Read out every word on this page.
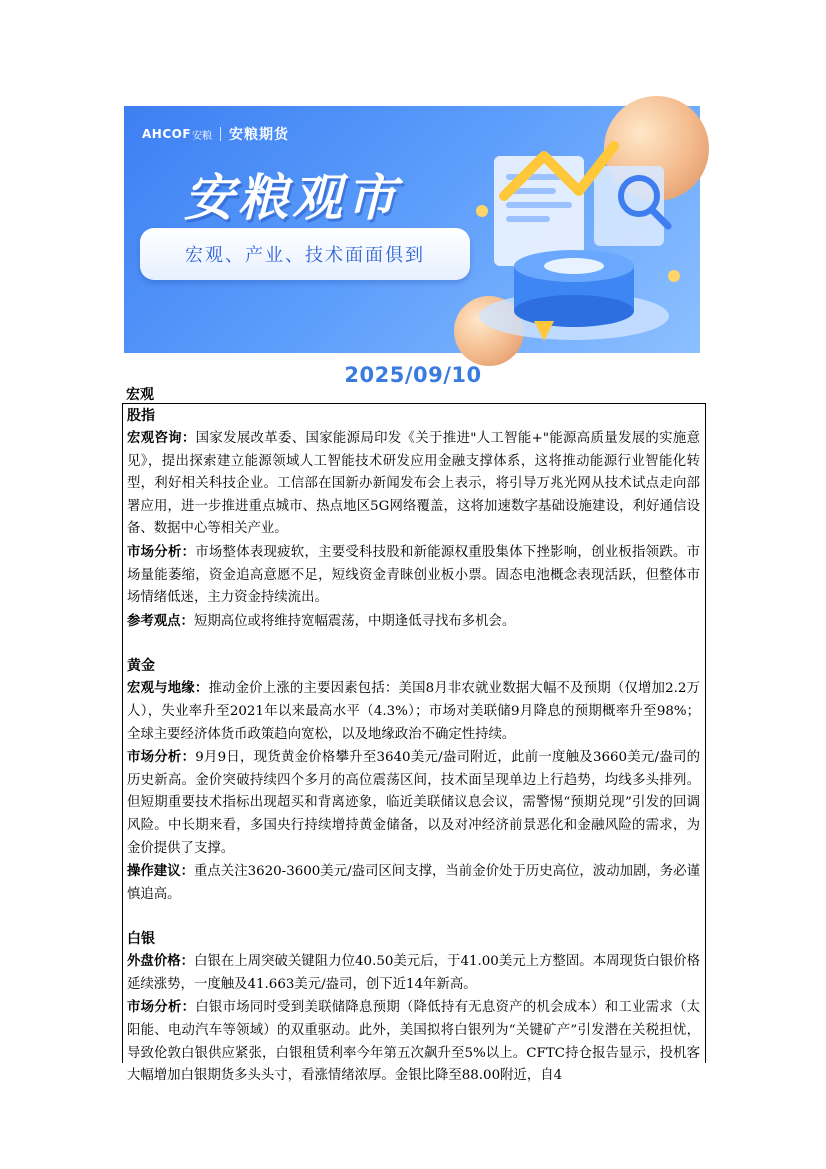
AHCOF 安粮 安粮期货
安粮观市
宏观、产业、技术面面俱到
2025/09/10
宏观
股指
宏观咨询：国家发展改革委、国家能源局印发《关于推进"人工智能+"能源高质量发展的实施意见》，提出探索建立能源领域人工智能技术研发应用金融支撑体系，这将推动能源行业智能化转型，利好相关科技企业。工信部在国新办新闻发布会上表示，将引导万兆光网从技术试点走向部署应用，进一步推进重点城市、热点地区5G网络覆盖，这将加速数字基础设施建设，利好通信设备、数据中心等相关产业。
市场分析：市场整体表现疲软，主要受科技股和新能源权重股集体下挫影响，创业板指领跌。市场量能萎缩，资金追高意愿不足，短线资金青睐创业板小票。固态电池概念表现活跃，但整体市场情绪低迷，主力资金持续流出。
参考观点：短期高位或将维持宽幅震荡，中期逢低寻找布多机会。
黄金
宏观与地缘：推动金价上涨的主要因素包括：美国8月非农就业数据大幅不及预期（仅增加2.2万人），失业率升至2021年以来最高水平（4.3%）；市场对美联储9月降息的预期概率升至98%；全球主要经济体货币政策趋向宽松，以及地缘政治不确定性持续。
市场分析：9月9日，现货黄金价格攀升至3640美元/盎司附近，此前一度触及3660美元/盎司的历史新高。金价突破持续四个多月的高位震荡区间，技术面呈现单边上行趋势，均线多头排列。但短期重要技术指标出现超买和背离迹象，临近美联储议息会议，需警惕“预期兑现”引发的回调风险。中长期来看，多国央行持续增持黄金储备，以及对冲经济前景恶化和金融风险的需求，为金价提供了支撑。
操作建议：重点关注3620-3600美元/盎司区间支撑，当前金价处于历史高位，波动加剧，务必谨慎追高。
白银
外盘价格：白银在上周突破关键阻力位40.50美元后，于41.00美元上方整固。本周现货白银价格延续涨势，一度触及41.663美元/盎司，创下近14年新高。
市场分析：白银市场同时受到美联储降息预期（降低持有无息资产的机会成本）和工业需求（太阳能、电动汽车等领域）的双重驱动。此外，美国拟将白银列为“关键矿产”引发潜在关税担忧，导致伦敦白银供应紧张，白银租赁利率今年第五次飙升至5%以上。CFTC持仓报告显示，投机客大幅增加白银期货多头头寸，看涨情绪浓厚。金银比降至88.00附近，自4
